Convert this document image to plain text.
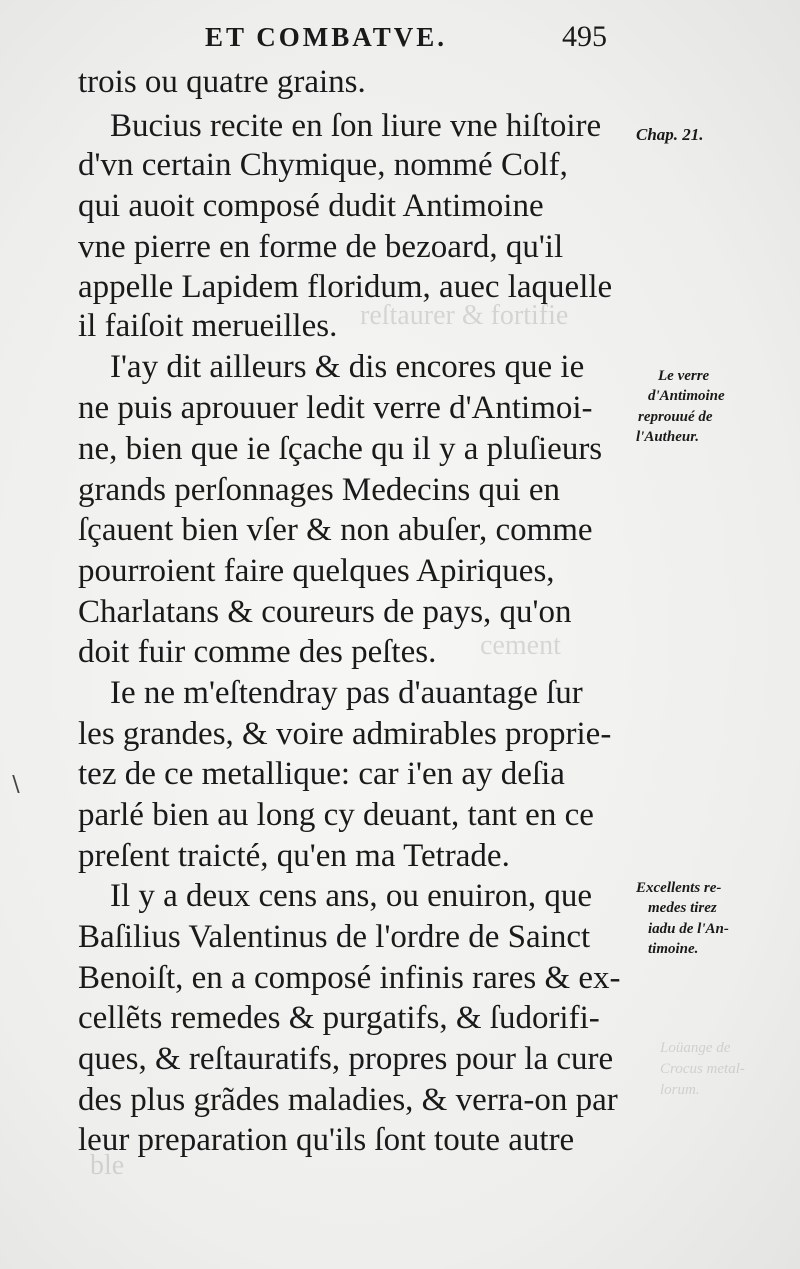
Loüange de
Crocus metal-
lorum.
reſtaurer & fortifie
cement
ble
ET COMBATVE.	495
trois ou quatre grains.
Bucius recite en ſon liure vne hiſtoire
d'vn certain Chymique, nommé Colf,
qui auoit composé dudit Antimoine
vne pierre en forme de bezoard, qu'il
appelle Lapidem floridum, auec laquelle
il faiſoit merueilles.
I'ay dit ailleurs & dis encores que ie
ne puis aprouuer ledit verre d'Antimoi-
ne, bien que ie ſçache qu il y a pluſieurs
grands perſonnages Medecins qui en
ſçauent bien vſer & non abuſer, comme
pourroient faire quelques Apiriques,
Charlatans & coureurs de pays, qu'on
doit fuir comme des peſtes.
Ie ne m'eſtendray pas d'auantage ſur
les grandes, & voire admirables proprie-
tez de ce metallique: car i'en ay deſia
parlé bien au long cy deuant, tant en ce
preſent traicté, qu'en ma Tetrade.
Il y a deux cens ans, ou enuiron, que
Baſilius Valentinus de l'ordre de Sainct
Benoiſt, en a composé infinis rares & ex-
cellẽts remedes & purgatifs, & ſudorifi-
ques, & reſtauratifs, propres pour la cure
des plus grãdes maladies, & verra-on par
leur preparation qu'ils ſont toute autre
Chap. 21.
Le verre
d'Antimoine
reprouué de
l'Autheur.
Excellents re-
medes tirez
iadu de l'An-
timoine.
∖
